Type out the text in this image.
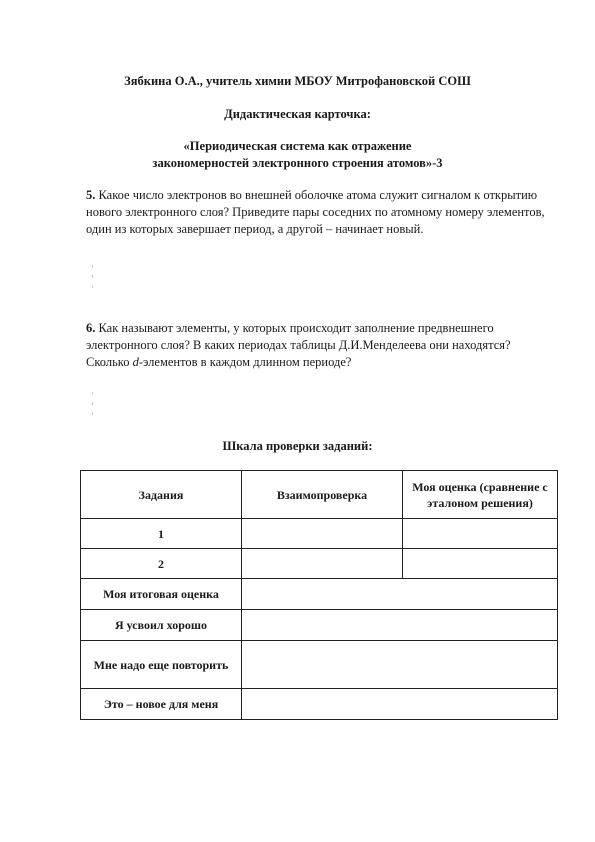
Зябкина О.А., учитель химии МБОУ Митрофановской СОШ
Дидактическая карточка:
«Периодическая система как отражение
закономерностей электронного строения атомов»-3
5. Какое число электронов во внешней оболочке атома служит сигналом к открытию нового электронного слоя? Приведите пары соседних по атомному номеру элементов, один из которых завершает период, а другой – начинает новый.
6. Как называют элементы, у которых происходит заполнение предвнешнего электронного слоя? В каких периодах таблицы Д.И.Менделеева они находятся? Сколько d-элементов в каждом длинном периоде?
Шкала проверки заданий:
Задания	Взаимопроверка	Моя оценка (сравнение с эталоном решения)
1		
2		
Моя итоговая оценка		
Я усвоил хорошо		
Мне надо еще повторить		
Это – новое для меня		
